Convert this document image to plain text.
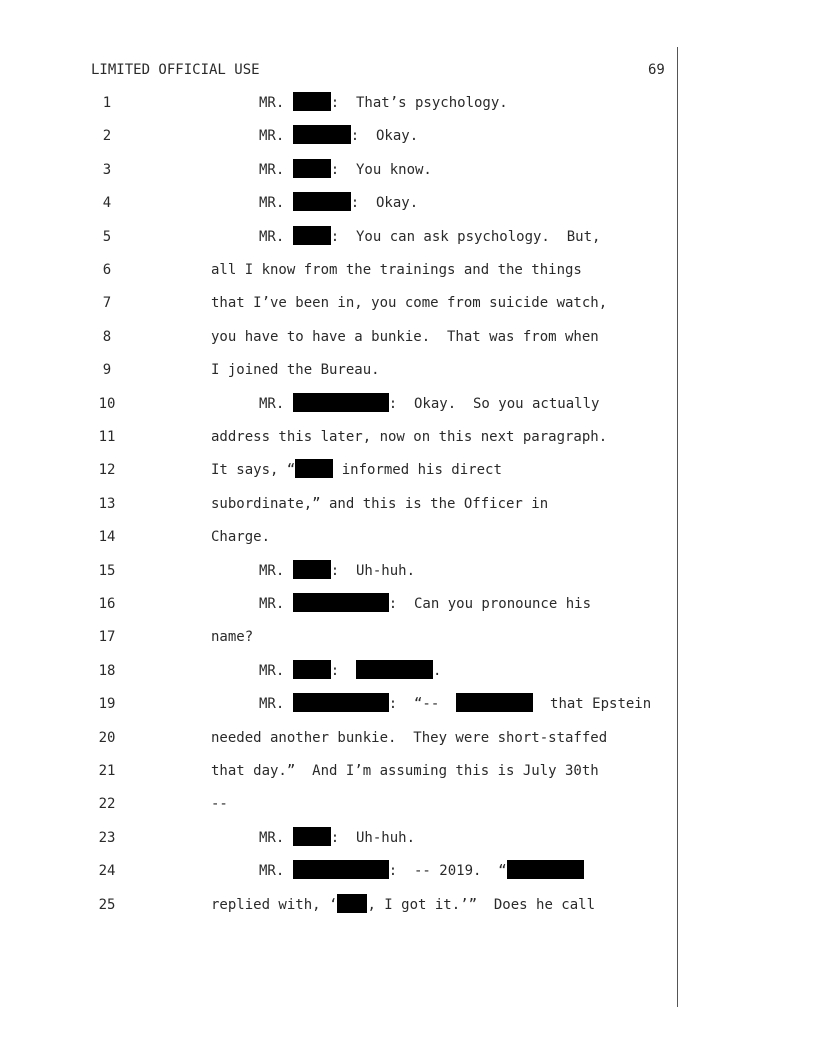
LIMITED OFFICIAL USE	69
1	MR.	:  That’s psychology.
2	MR.	:  Okay.
3	MR.	:  You know.
4	MR.	:  Okay.
5	MR.	:  You can ask psychology.  But,
6	all I know from the trainings and the things
7	that I’ve been in, you come from suicide watch,
8	you have to have a bunkie.  That was from when
9	I joined the Bureau.
10	MR.	:  Okay.  So you actually
11	address this later, now on this next paragraph.
12	It says, “	informed his direct
13	subordinate,” and this is the Officer in
14	Charge.
15	MR.	:  Uh-huh.
16	MR.	:  Can you pronounce his
17	name?
18	MR.	:	.
19	MR.	:  “--	that Epstein
20	needed another bunkie.  They were short-staffed
21	that day.”  And I’m assuming this is July 30th
22	--
23	MR.	:  Uh-huh.
24	MR.	:  -- 2019.  “
25	replied with, ‘ , I got it.’”  Does he call
